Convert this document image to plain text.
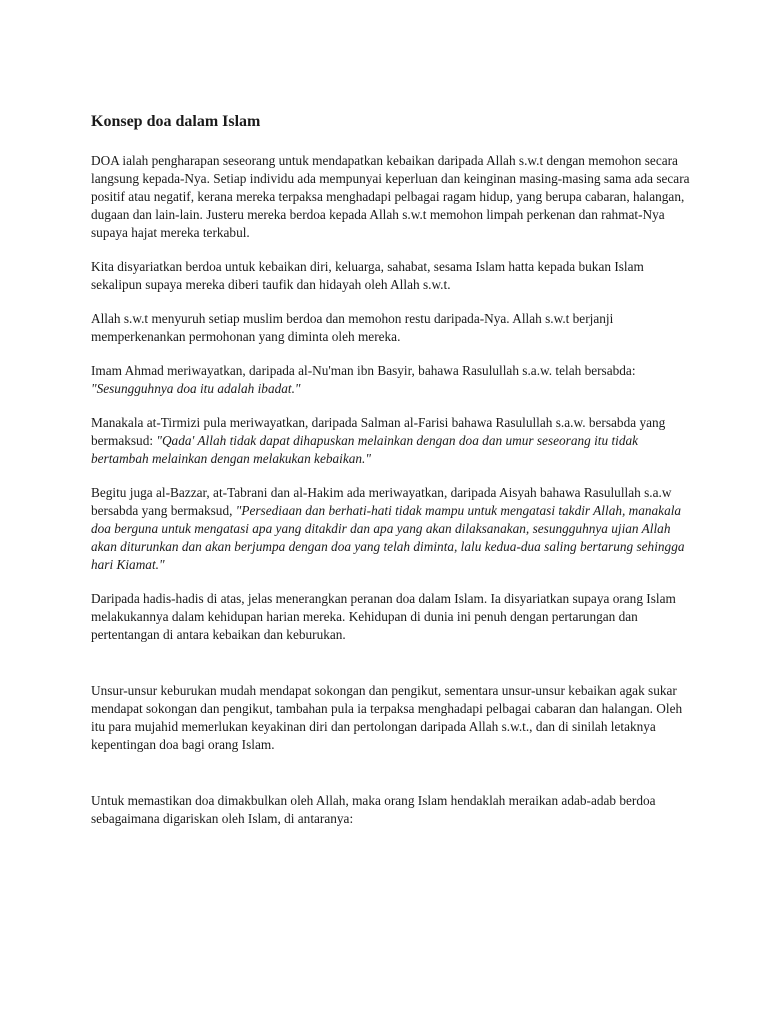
Konsep doa dalam Islam

DOA ialah pengharapan seseorang untuk mendapatkan kebaikan daripada Allah s.w.t dengan memohon secara langsung kepada-Nya. Setiap individu ada mempunyai keperluan dan keinginan masing-masing sama ada secara positif atau negatif, kerana mereka terpaksa menghadapi pelbagai ragam hidup, yang berupa cabaran, halangan, dugaan dan lain-lain. Justeru mereka berdoa kepada Allah s.w.t memohon limpah perkenan dan rahmat-Nya supaya hajat mereka terkabul.

Kita disyariatkan berdoa untuk kebaikan diri, keluarga, sahabat, sesama Islam hatta kepada bukan Islam sekalipun supaya mereka diberi taufik dan hidayah oleh Allah s.w.t.

Allah s.w.t menyuruh setiap muslim berdoa dan memohon restu daripada-Nya. Allah s.w.t berjanji memperkenankan permohonan yang diminta oleh mereka.

Imam Ahmad meriwayatkan, daripada al-Nu'man ibn Basyir, bahawa Rasulullah s.a.w. telah bersabda: "Sesungguhnya doa itu adalah ibadat."

Manakala at-Tirmizi pula meriwayatkan, daripada Salman al-Farisi bahawa Rasulullah s.a.w. bersabda yang bermaksud: "Qada' Allah tidak dapat dihapuskan melainkan dengan doa dan umur seseorang itu tidak bertambah melainkan dengan melakukan kebaikan."

Begitu juga al-Bazzar, at-Tabrani dan al-Hakim ada meriwayatkan, daripada Aisyah bahawa Rasulullah s.a.w bersabda yang bermaksud, "Persediaan dan berhati-hati tidak mampu untuk mengatasi takdir Allah, manakala doa berguna untuk mengatasi apa yang ditakdir dan apa yang akan dilaksanakan, sesungguhnya ujian Allah akan diturunkan dan akan berjumpa dengan doa yang telah diminta, lalu kedua-dua saling bertarung sehingga hari Kiamat."

Daripada hadis-hadis di atas, jelas menerangkan peranan doa dalam Islam. Ia disyariatkan supaya orang Islam melakukannya dalam kehidupan harian mereka. Kehidupan di dunia ini penuh dengan pertarungan dan pertentangan di antara kebaikan dan keburukan.

Unsur-unsur keburukan mudah mendapat sokongan dan pengikut, sementara unsur-unsur kebaikan agak sukar mendapat sokongan dan pengikut, tambahan pula ia terpaksa menghadapi pelbagai cabaran dan halangan. Oleh itu para mujahid memerlukan keyakinan diri dan pertolongan daripada Allah s.w.t., dan di sinilah letaknya kepentingan doa bagi orang Islam.

Untuk memastikan doa dimakbulkan oleh Allah, maka orang Islam hendaklah meraikan adab-adab berdoa sebagaimana digariskan oleh Islam, di antaranya:
